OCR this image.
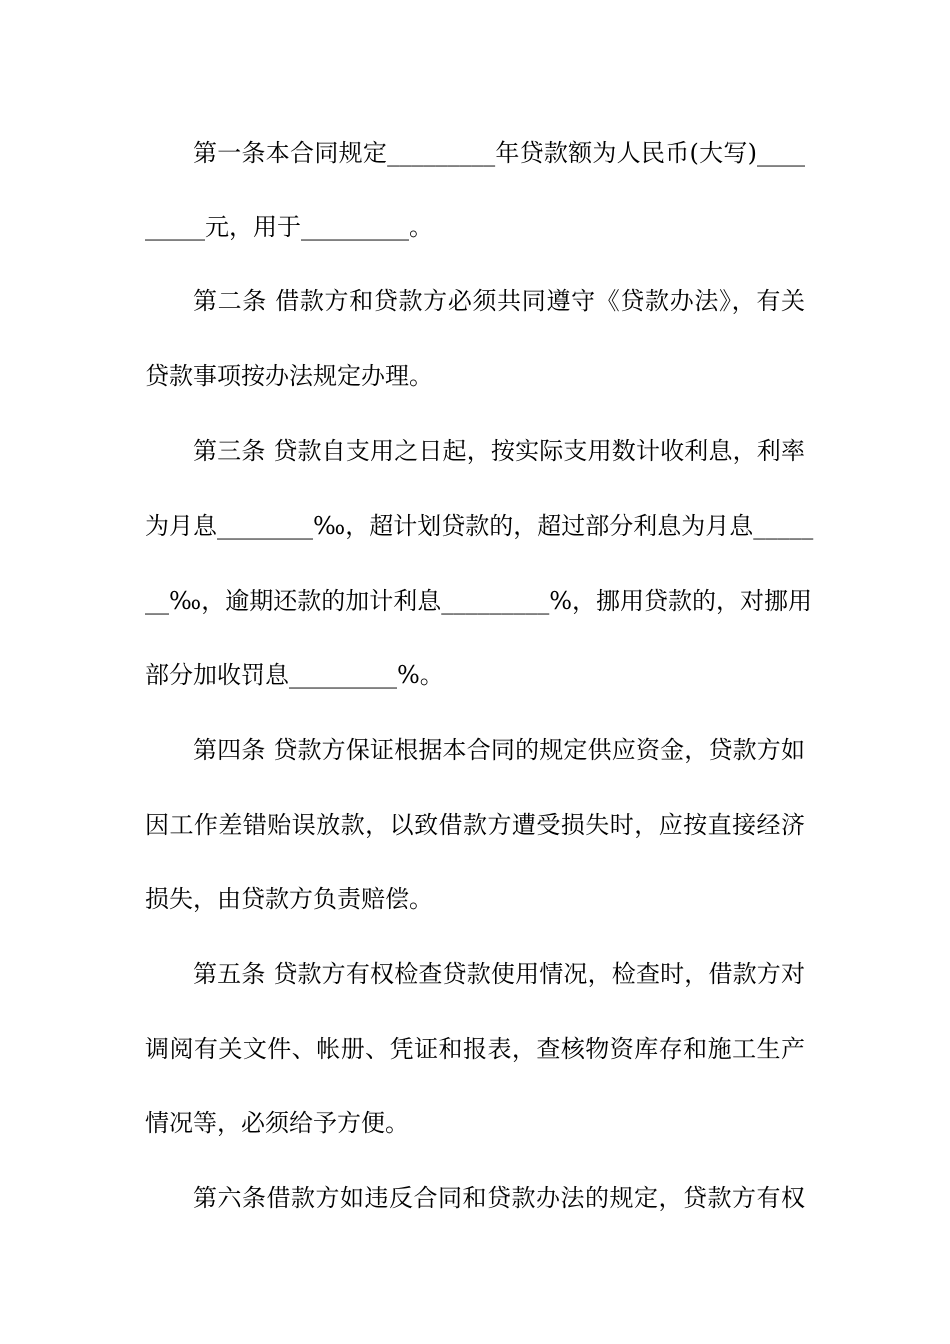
第一条本合同规定_________年贷款额为人民币(大写)____
_____元，用于_________。
第二条 借款方和贷款方必须共同遵守《贷款办法》，有关
贷款事项按办法规定办理。
第三条 贷款自支用之日起，按实际支用数计收利息，利率
为月息________‰，超计划贷款的，超过部分利息为月息_____
__‰，逾期还款的加计利息_________%，挪用贷款的，对挪用
部分加收罚息_________%。
第四条 贷款方保证根据本合同的规定供应资金，贷款方如
因工作差错贻误放款，以致借款方遭受损失时，应按直接经济
损失，由贷款方负责赔偿。
第五条 贷款方有权检查贷款使用情况，检查时，借款方对
调阅有关文件、帐册、凭证和报表，查核物资库存和施工生产
情况等，必须给予方便。
第六条借款方如违反合同和贷款办法的规定，贷款方有权
